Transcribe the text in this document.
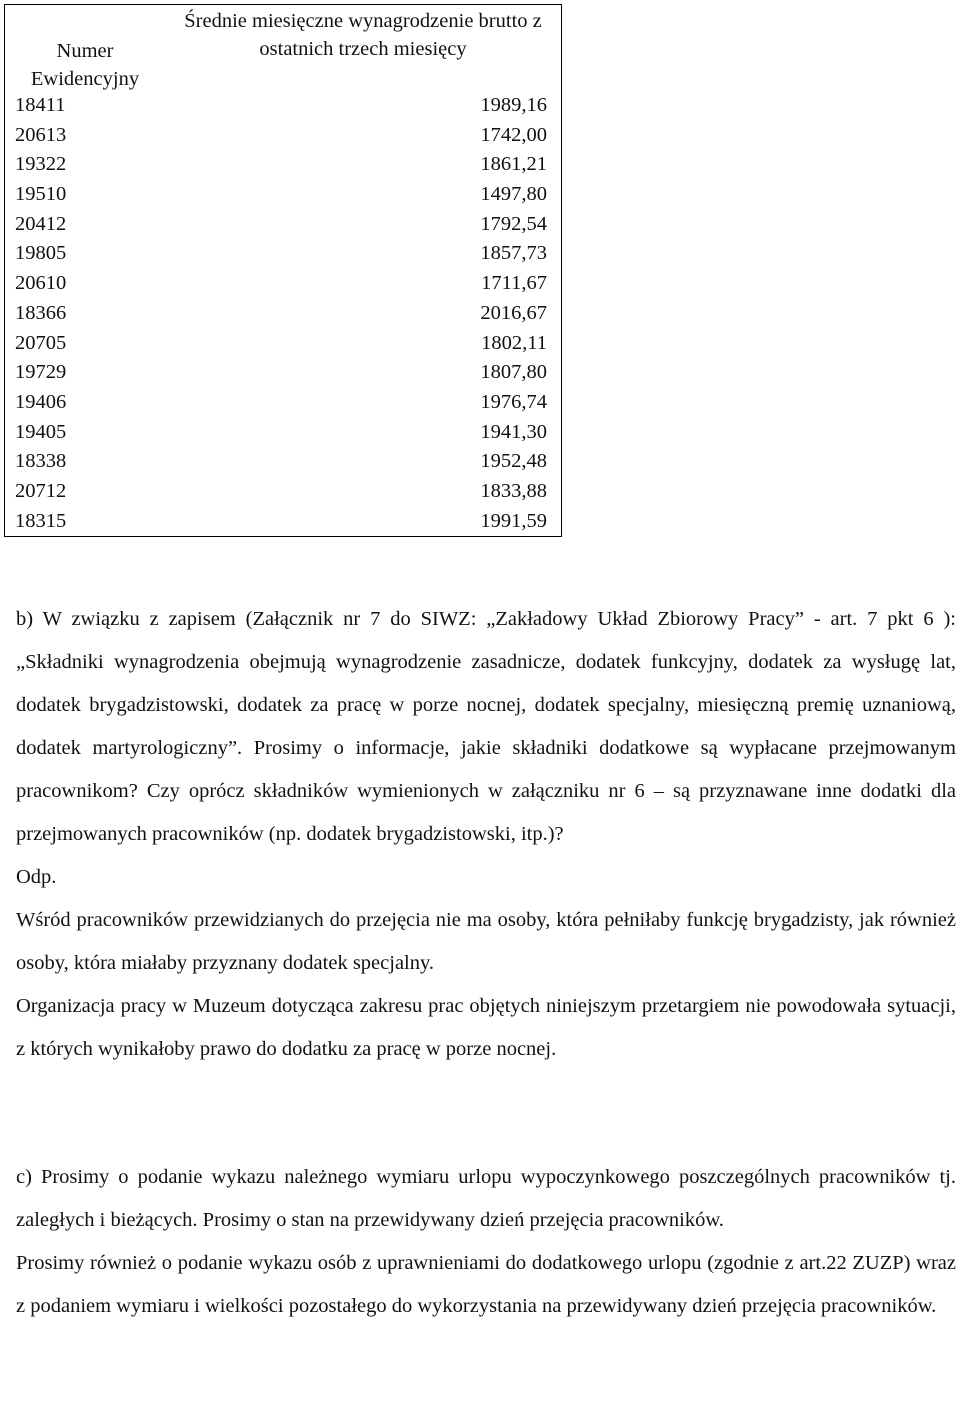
Numer Ewidencyjny
Średnie miesięczne wynagrodzenie brutto z ostatnich trzech miesięcy
18411	1989,16
20613	1742,00
19322	1861,21
19510	1497,80
20412	1792,54
19805	1857,73
20610	1711,67
18366	2016,67
20705	1802,11
19729	1807,80
19406	1976,74
19405	1941,30
18338	1952,48
20712	1833,88
18315	1991,59

b) W związku z zapisem (Załącznik nr 7 do SIWZ: „Zakładowy Układ Zbiorowy Pracy” - art. 7 pkt 6 ): „Składniki wynagrodzenia obejmują wynagrodzenie zasadnicze, dodatek funkcyjny, dodatek za wysługę lat, dodatek brygadzistowski, dodatek za pracę w porze nocnej, dodatek specjalny, miesięczną premię uznaniową, dodatek martyrologiczny”. Prosimy o informacje, jakie składniki dodatkowe są wypłacane przejmowanym pracownikom? Czy oprócz składników wymienionych w załączniku nr 6 – są przyznawane inne dodatki dla przejmowanych pracowników (np. dodatek brygadzistowski, itp.)?

Odp.

Wśród pracowników przewidzianych do przejęcia nie ma osoby, która pełniłaby funkcję brygadzisty, jak również osoby, która miałaby przyznany dodatek specjalny.

Organizacja pracy w Muzeum dotycząca zakresu prac objętych niniejszym przetargiem nie powodowała sytuacji, z których wynikałoby prawo do dodatku za pracę w porze nocnej.

c) Prosimy o podanie wykazu należnego wymiaru urlopu wypoczynkowego poszczególnych pracowników tj. zaległych i bieżących. Prosimy o stan na przewidywany dzień przejęcia pracowników.

Prosimy również o podanie wykazu osób z uprawnieniami do dodatkowego urlopu (zgodnie z art.22 ZUZP) wraz z podaniem wymiaru i wielkości pozostałego do wykorzystania na przewidywany dzień przejęcia pracowników.
